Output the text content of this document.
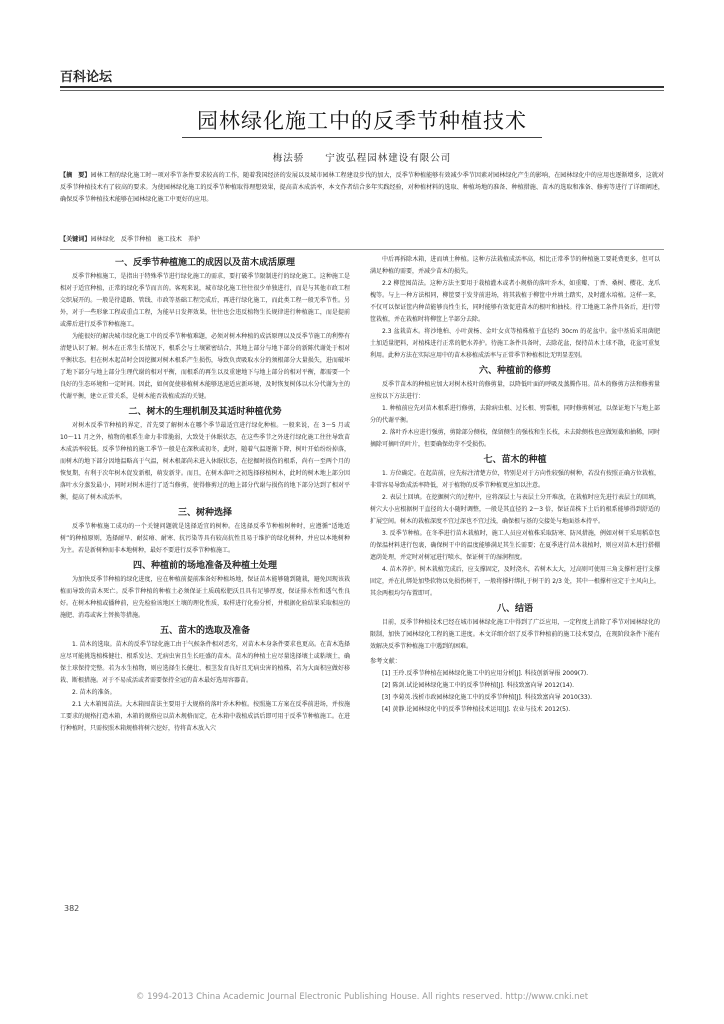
百科论坛
园林绿化施工中的反季节种植技术
梅法骄　　宁波弘程园林建设有限公司
【摘　要】园林工程的绿化施工时一项对季节条件要求较高的工作，随着我国经济的发展以及城市园林工程建设步伐的加大，反季节种植能够有效减少季节因素对园林绿化产生的影响，在园林绿化中的应用也逐渐增多，这就对反季节种植技术有了较高的要求。为使园林绿化施工的反季节种植取得理想效果，提高苗木成活率，本文作者结合多年实践经验，对种植材料的选取、种植场地的准备、种植措施、苗木的选取和准备、修剪等进行了详细阐述，确保反季节种植技术能够在园林绿化施工中更好的应用。
【关键词】园林绿化　反季节种植　施工技术　养护
一、反季节种植施工的成因以及苗木成活原理

反季节种植施工，是指出于特殊季节进行绿化施工的需求，要打破季节限制进行的绿化施工。这种施工是相对于适宜种植，正常的绿化季节而言的。客观来说，城市绿化施工往往很少单独进行，而是与其他市政工程交织展开的。一般是待道路、管线、市政等基础工程完成后，再进行绿化施工，而此类工程一般无季节性。另外，对于一些形象工程或重点工程，为能早日发挥效果，往往也会违反植物生长规律进行种植施工，而是提前或滞后进行反季节种植施工。

为能很好的解决城市绿化施工中的反季节种植难题，必须对树木种植的成活原理以及反季节施工的利弊有清楚认识了解。树木在正常生长情况下，根系会与土壤紧密结合，其地上部分与地下部分的新陈代谢处于相对平衡状态。但在树木起苗时会因挖掘对树木根系产生损伤，导致负责吸取水分的须根部分大量损失，进而破坏了地下部分与地上部分生理代谢的相对平衡，而根系的再生以及重建地下与地上部分的相对平衡，都需要一个良好的生态环境和一定时间。因此，如何促使移植树木能够迅速适应新环境，及时恢复树体以水分代谢为主的代谢平衡，建立正常关系，是树木能否栽植成活的关键。

二、树木的生理机制及其适时种植优势

对树木反季节种植的界定，首先要了解树木在哪个季节最适宜进行绿化种植。一般来说，在 3～5 月或 10～11 月之外，植物的根系生命力非常脆弱，大致处于休眠状态，在这些季节之外进行绿化施工往往导致苗木成活率较低。反季节种植的施工季节一般是在深秋或初冬，此时，随着气温逐渐下降，树叶开始纷纷掉落，而树木的地下部分因地温略高于气温，树木根部尚未进入休眠状态，在挖掘时损伤的根系，尚有一至两个月的恢复期，有利于次年树木促发新根，萌发新芽。而且，在树木落叶之初选择移植树木，此时的树木地上部分因落叶水分蒸发最小，同时对树木进行了适当修剪，使得修剪过的地上部分代谢与损伤的地下部分达到了相对平衡，提高了树木成活率。

三、树种选择

反季节种植施工成功的一个关键问题就是选择适宜的树种。在选择反季节种植树种时，应遵循“适地适树”的种植原则，选择耐旱、耐贫瘠、耐寒、抗污染等具有较高抗性且易于维护的绿化树种，并应以本地树种为主。若是新树种而非本地树种，最好不要进行反季节种植施工。

四、种植前的场地准备及种植土处理

为加快反季节种植的绿化进度，应在种植前提前准备好种植场地，保证苗木能够随到随栽，避免因现该栽植而导致的苗木死亡。反季节种植的种植土必须保证土质疏松肥沃且具有足够厚度，保证排水性和透气性良好。在树木种植或播种前，应先检验该地区土壤的理化性质，取样进行化验分析，并根据化验结果采取相应的施肥、消毒或客土替换等措施。

五、苗木的选取及准备

1. 苗木的选取。苗木的反季节绿化施工由于气候条件相对恶劣，对苗木本身条件要求也更高。在苗木选择应尽可能挑选植株健壮、根系发达、无病虫害且生长旺盛的苗木。苗木的种植土应尽量选择壤土或粘壤土，确保土球保持完整。若为水生植物，则应选择生长健壮、根茎发育良好且无病虫害的植株，若为大面积应做好移栽、断根措施。对于不易成活或者需要保持全冠的苗木最好选用容器苗。

2. 苗木的准备。

2.1 大木箱囤苗法。大木箱囤苗法主要用于大规格的落叶乔木种植。按照施工方案在反季前进场，并按施工要求的规格打造木箱，木箱的规格应以苗木规格而定，在木箱中栽植成活后即可用于反季节种植施工。在进行种植时，只需按照木箱规格将树穴挖好，待将苗木放入穴

中后再拆除木箱，进而填土种植。这种方法栽植成活率高，相比正常季节的种植施工要耗费更多，但可以满足种植的需要，并减少苗木的损失。

2.2 柳筐囤苗法。这种方法主要用于栽植灌木或者小规格的落叶乔木，如重瓣、丁香、桑树、樱花、龙爪槐等。与上一种方法相同，柳筐要于发芽前进场，将其栽植于柳筐中并填土踏实，及时灌水培植。这样一来，不仅可以保证筐内种苗能够良性生长，同时能够有效促进苗木的根叶和抽枝。待工地施工条件具备后，进行带筐栽植，并在栽植时将柳筐上半部分去除。

2.3 盆栽苗木。将沙地柏、小叶黄杨、金叶女贞等植株植于直径约 30cm 的花盆中。盆中基质采用菌肥土加适量肥料，对植株进行正常的肥水养护。待施工条件具备时，去除花盆，保持苗木土球不散，花盆可重复利用。此种方法在实际应用中的苗木移植成活率与正常季节种植相比无明显差别。

六、种植前的修剪

反季节苗木的种植应加大对树木枝叶的修剪量，以降低叶面的呼吸及蒸腾作用。苗木的修剪方法和修剪量应按以下方法进行：

1. 种植前应先对苗木根系进行修剪，去除病虫根、过长根、劈裂根，同时修剪树冠，以保证地下与地上部分的代谢平衡。

2. 落叶乔木应进行强剪，剪除部分侧枝，保留侧生的强枝和生长枝，未去除侧枝也应做短截和抽稀，同时摘除可摘叶的叶片，但要确保幼芽不受损伤。

七、苗木的种植

1. 方位确定。在起苗前，应先标注清楚方位，特别是对于方向性较强的树种，若没有按照正确方位栽植，非常容易导致成活率降低，对于植物的反季节种植更应加以注意。

2. 表层土回填。在挖掘树穴的过程中，应将深层土与表层土分开堆放，在栽植时应先进行表层土的回填，树穴大小应根据树干直径的大小随时调整，一般是其直径的 2～3 倍，保证苗株下土后的根系能够得到舒适的扩展空间。树木的栽植深度不宜过深也不宜过浅，确保根与基的交接处与地面基本持平。

3. 反季节种植。在冬季进行苗木栽植时，施工人员应对植株采取防寒、防风措施，例如对树干采用稻草包的保温材料进行包裹，确保树干中的温度能够满足其生长需要；在夏季进行苗木栽植时，则应对苗木进行搭棚遮荫处理，并定时对树冠进行喷水，保证树干的湿润程度。

4. 苗木养护。树木栽植完成后，应支撑固定，及时浇水，若树木太大，过高则可使用三角支撑杆进行支撑固定，并在扎绑处加垫软物以免损伤树干，一般将撑杆绑扎于树干的 2/3 处，其中一根撑杆应定于主风向上，其余两根均匀布置即可。

八、结语

目前，反季节种植技术已经在城市园林绿化施工中得到了广泛应用，一定程度上消除了季节对园林绿化的限制，加快了园林绿化工程的施工进度。本文详细介绍了反季节种植前的施工技术要点，在现阶段条件下能有效解决反季节种植施工中遇到的困难。

参考文献：

[1] 王玲.反季节种植在园林绿化施工中的应用分析[J]. 科技创新导报 2009(7).

[2] 陈剑.试论园林绿化施工中的反季节种植[J]. 科技致富向导 2012(14).

[3] 李菊英.浅析市政园林绿化施工中的反季节种植[J]. 科技致富向导 2010(33).

[4] 黄静.论园林绿化中的反季节种植技术运用[J]. 农业与技术 2012(5).

382
© 1994-2013 China Academic Journal Electronic Publishing House. All rights reserved. http://www.cnki.net
